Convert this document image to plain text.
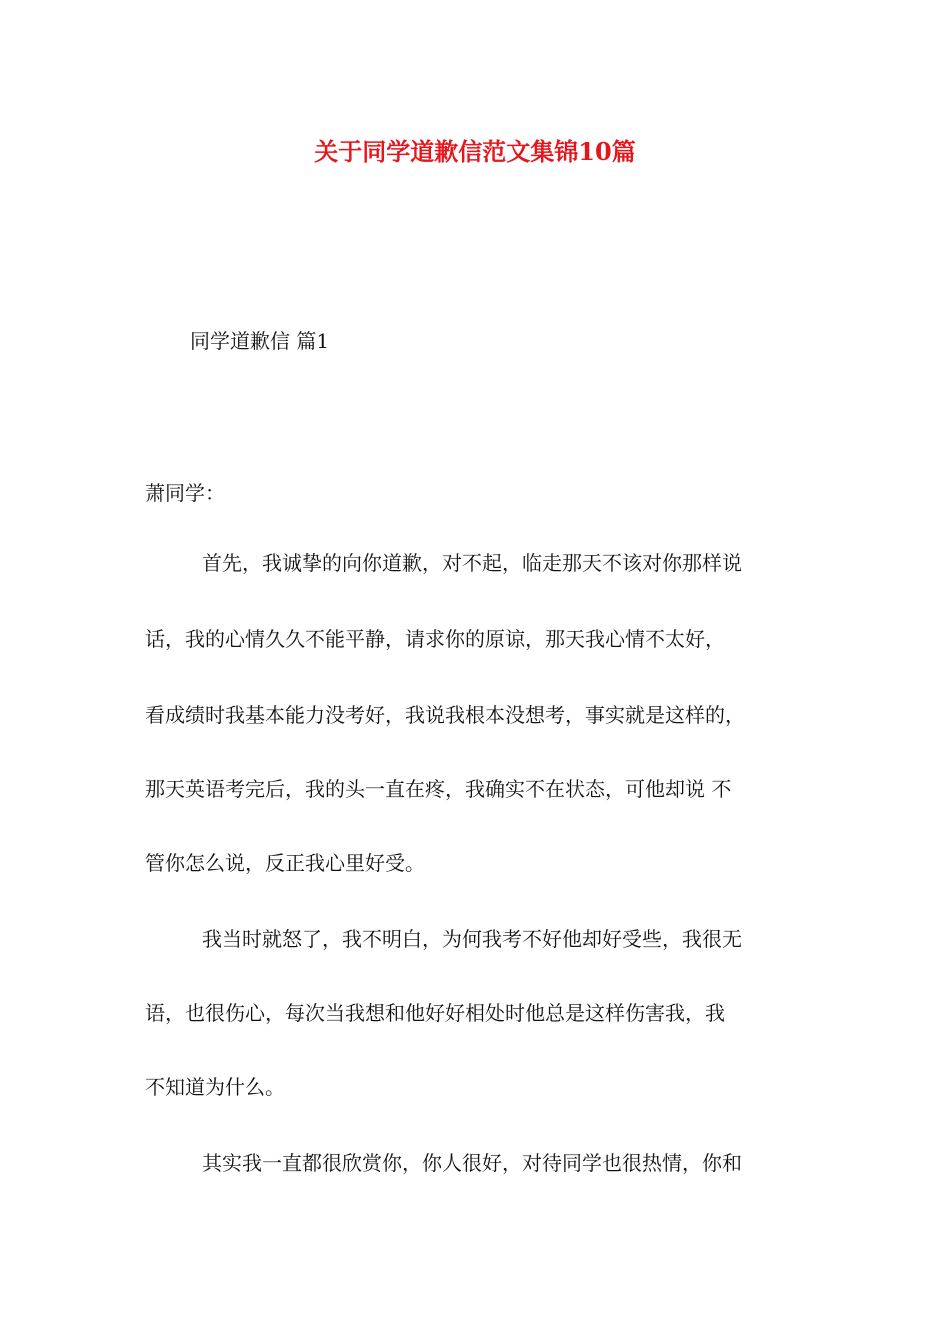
关于同学道歉信范文集锦10篇
同学道歉信 篇1
萧同学：
首先，我诚挚的向你道歉，对不起，临走那天不该对你那样说
话，我的心情久久不能平静，请求你的原谅，那天我心情不太好，
看成绩时我基本能力没考好，我说我根本没想考，事实就是这样的，
那天英语考完后，我的头一直在疼，我确实不在状态，可他却说 不
管你怎么说，反正我心里好受。
我当时就怒了，我不明白，为何我考不好他却好受些，我很无
语，也很伤心，每次当我想和他好好相处时他总是这样伤害我，我
不知道为什么。
其实我一直都很欣赏你，你人很好，对待同学也很热情，你和
